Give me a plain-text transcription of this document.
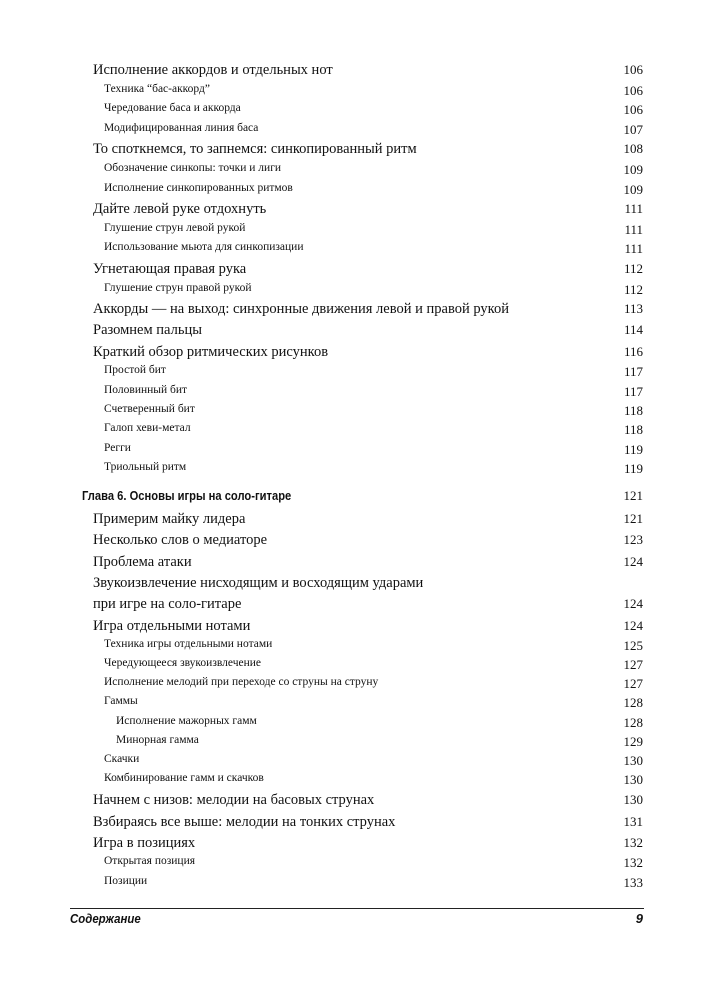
Исполнение аккордов и отдельных нот	106
Техника “бас-аккорд”	106
Чередование баса и аккорда	106
Модифицированная линия баса	107
То споткнемся, то запнемся: синкопированный ритм	108
Обозначение синкопы: точки и лиги	109
Исполнение синкопированных ритмов	109
Дайте левой руке отдохнуть	111
Глушение струн левой рукой	111
Использование мьюта для синкопизации	111
Угнетающая правая рука	112
Глушение струн правой рукой	112
Аккорды — на выход: синхронные движения левой и правой рукой	113
Разомнем пальцы	114
Краткий обзор ритмических рисунков	116
Простой бит	117
Половинный бит	117
Счетверенный бит	118
Галоп хеви-метал	118
Регги	119
Триольный ритм	119
Глава 6. Основы игры на соло-гитаре	121
Примерим майку лидера	121
Несколько слов о медиаторе	123
Проблема атаки	124
Звукоизвлечение нисходящим и восходящим ударами
при игре на соло-гитаре	124
Игра отдельными нотами	124
Техника игры отдельными нотами	125
Чередующееся звукоизвлечение	127
Исполнение мелодий при переходе со струны на струну	127
Гаммы	128
Исполнение мажорных гамм	128
Минорная гамма	129
Скачки	130
Комбинирование гамм и скачков	130
Начнем с низов: мелодии на басовых струнах	130
Взбираясь все выше: мелодии на тонких струнах	131
Игра в позициях	132
Открытая позиция	132
Позиции	133
Содержание	9
